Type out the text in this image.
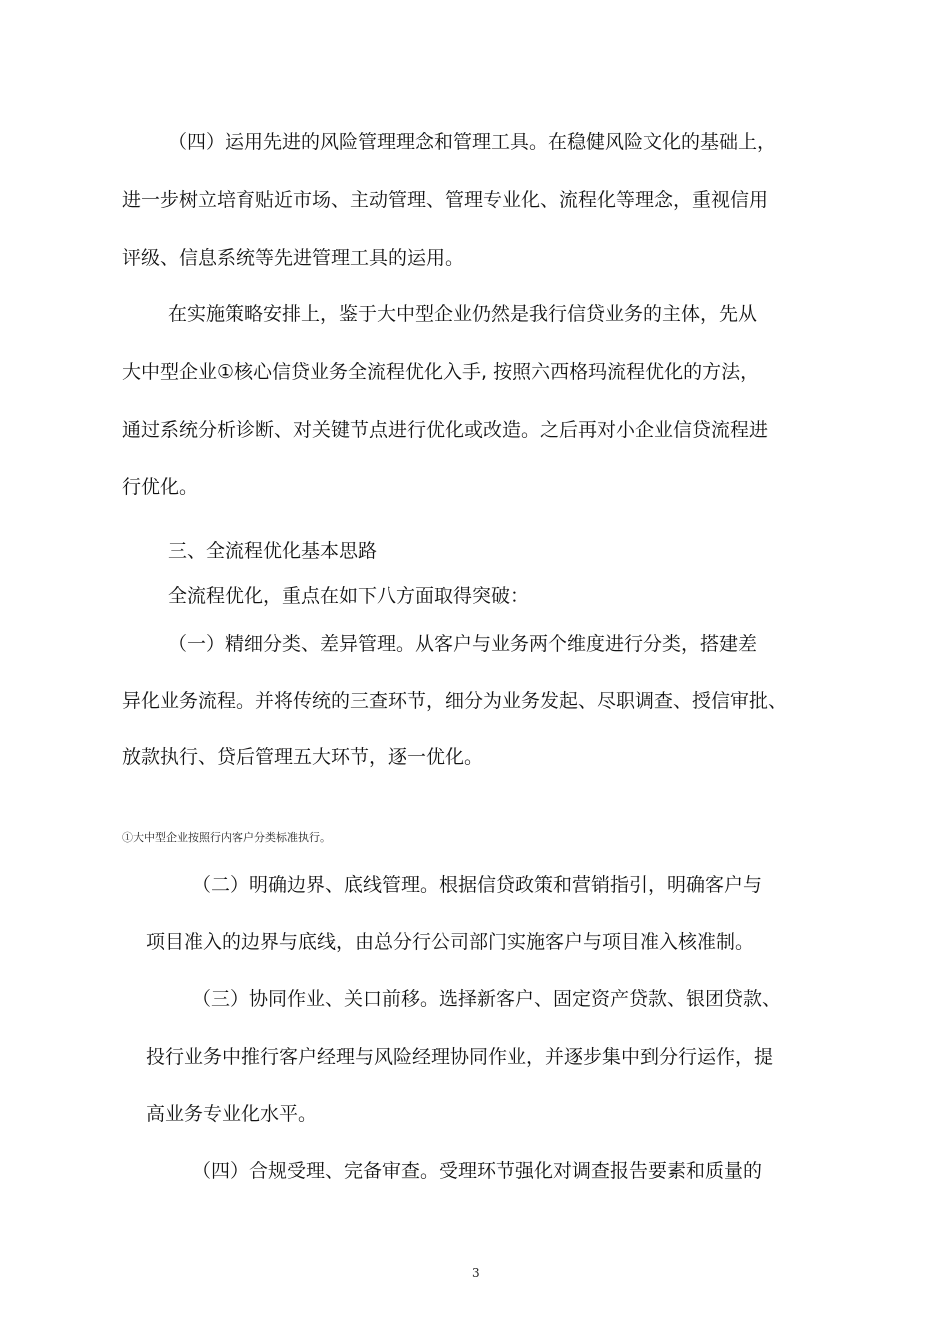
（四）运用先进的风险管理理念和管理工具。在稳健风险文化的基础上，
进一步树立培育贴近市场、主动管理、管理专业化、流程化等理念，重视信用
评级、信息系统等先进管理工具的运用。
在实施策略安排上，鉴于大中型企业仍然是我行信贷业务的主体，先从
大中型企业①核心信贷业务全流程优化入手, 按照六西格玛流程优化的方法，
通过系统分析诊断、对关键节点进行优化或改造。之后再对小企业信贷流程进
行优化。
三、全流程优化基本思路
全流程优化，重点在如下八方面取得突破：
（一）精细分类、差异管理。从客户与业务两个维度进行分类，搭建差
异化业务流程。并将传统的三查环节，细分为业务发起、尽职调查、授信审批、
放款执行、贷后管理五大环节，逐一优化。
①大中型企业按照行内客户分类标准执行。
（二）明确边界、底线管理。根据信贷政策和营销指引，明确客户与
项目准入的边界与底线，由总分行公司部门实施客户与项目准入核准制。
（三）协同作业、关口前移。选择新客户、固定资产贷款、银团贷款、
投行业务中推行客户经理与风险经理协同作业，并逐步集中到分行运作，提
高业务专业化水平。
（四）合规受理、完备审查。受理环节强化对调查报告要素和质量的
3
